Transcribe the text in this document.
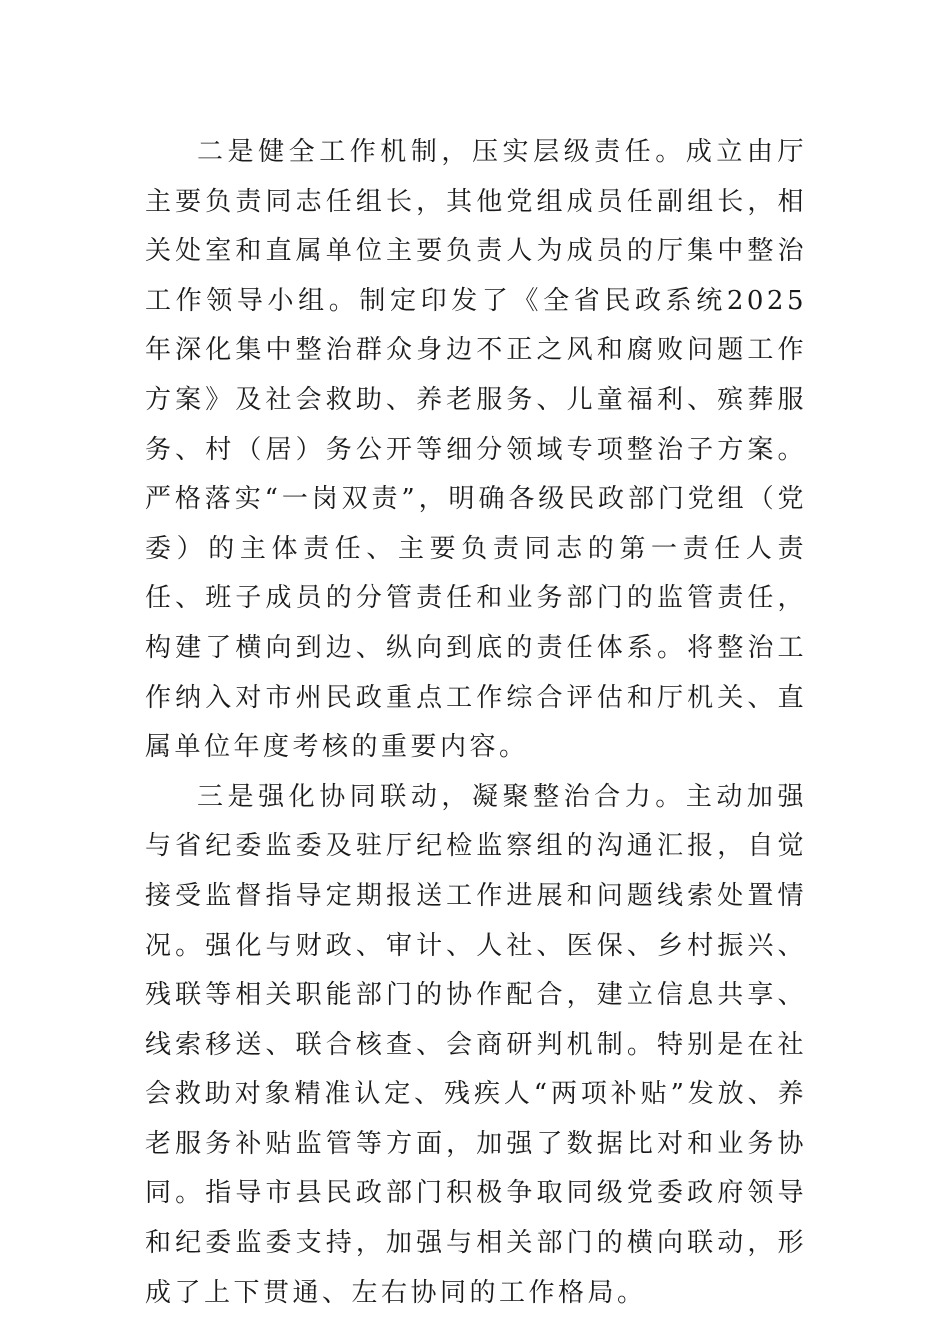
二是健全工作机制，压实层级责任。成立由厅主要负责同志任组长，其他党组成员任副组长，相关处室和直属单位主要负责人为成员的厅集中整治工作领导小组。制定印发了《全省民政系统2025年深化集中整治群众身边不正之风和腐败问题工作方案》及社会救助、养老服务、儿童福利、殡葬服务、村（居）务公开等细分领域专项整治子方案。严格落实“一岗双责”，明确各级民政部门党组（党委）的主体责任、主要负责同志的第一责任人责任、班子成员的分管责任和业务部门的监管责任，构建了横向到边、纵向到底的责任体系。将整治工作纳入对市州民政重点工作综合评估和厅机关、直属单位年度考核的重要内容。

三是强化协同联动，凝聚整治合力。主动加强与省纪委监委及驻厅纪检监察组的沟通汇报，自觉接受监督指导定期报送工作进展和问题线索处置情况。强化与财政、审计、人社、医保、乡村振兴、残联等相关职能部门的协作配合，建立信息共享、线索移送、联合核查、会商研判机制。特别是在社会救助对象精准认定、残疾人“两项补贴”发放、养老服务补贴监管等方面，加强了数据比对和业务协同。指导市县民政部门积极争取同级党委政府领导和纪委监委支持，加强与相关部门的横向联动，形成了上下贯通、左右协同的工作格局。
